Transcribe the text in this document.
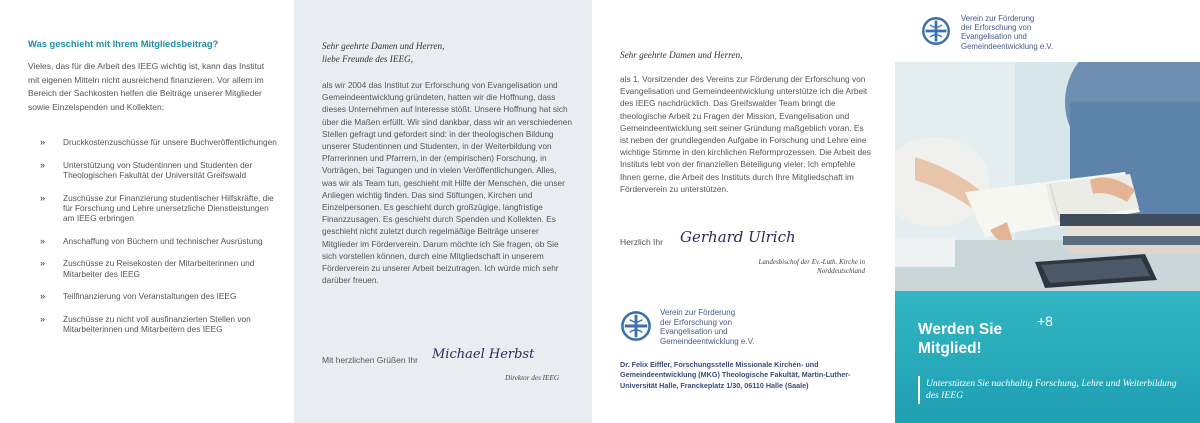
Was geschieht mit Ihrem Mitgliedsbeitrag?
Vieles, das für die Arbeit des IEEG wichtig ist, kann das Institut mit eigenen Mitteln nicht ausreichend finanzieren. Vor allem im Bereich der Sachkosten helfen die Beiträge unserer Mitglieder sowie Einzelspenden und Kollekten:
» Druckkostenzuschüsse für unsere Buchveröffentlichungen
» Unterstützung von Studentinnen und Studenten der Theologischen Fakultät der Universität Greifswald
» Zuschüsse zur Finanzierung studentischer Hilfskräfte, die für Forschung und Lehre unersetzliche Dienstleistungen am IEEG erbringen
» Anschaffung von Büchern und technischer Ausrüstung
» Zuschüsse zu Reisekosten der Mitarbeiterinnen und Mitarbeiter des IEEG
» Teilfinanzierung von Veranstaltungen des IEEG
» Zuschüsse zu nicht voll ausfinanzierten Stellen von Mitarbeiterinnen und Mitarbeitern des IEEG
Sehr geehrte Damen und Herren,
liebe Freunde des IEEG,
als wir 2004 das Institut zur Erforschung von Evangelisation und Gemeindeentwicklung gründeten, hatten wir die Hoffnung, dass dieses Unternehmen auf Interesse stößt. Unsere Hoffnung hat sich über die Maßen erfüllt. Wir sind dankbar, dass wir an verschiedenen Stellen gefragt und gefordert sind: in der theologischen Bildung unserer Studentinnen und Studenten, in der Weiterbildung von Pfarrerinnen und Pfarrern, in der (empirischen) Forschung, in Vorträgen, bei Tagungen und in vielen Veröffentlichungen. Alles, was wir als Team tun, geschieht mit Hilfe der Menschen, die unser Anliegen wichtig finden. Das sind Stiftungen, Kirchen und Einzelpersonen. Es geschieht durch großzügige, langfristige Finanzzusagen. Es geschieht durch Spenden und Kollekten. Es geschieht nicht zuletzt durch regelmäßige Beiträge unserer Mitglieder im Förderverein. Darum möchte ich Sie fragen, ob Sie sich vorstellen können, durch eine Mitgliedschaft in unserem Förderverein zu unserer Arbeit beizutragen. Ich würde mich sehr darüber freuen.
Mit herzlichen Grüßen Ihr Michael Herbst
Direktor des IEEG
Sehr geehrte Damen und Herren,
als 1. Vorsitzender des Vereins zur Förderung der Erforschung von Evangelisation und Gemeindeentwicklung unterstütze ich die Arbeit des IEEG nachdrücklich. Das Greifswalder Team bringt die theologische Arbeit zu Fragen der Mission, Evangelisation und Gemeindeentwicklung seit seiner Gründung maßgeblich voran. Es ist neben der grundlegenden Aufgabe in Forschung und Lehre eine wichtige Stimme in den kirchlichen Reformprozessen. Die Arbeit des Instituts lebt von der finanziellen Beteiligung vieler. Ich empfehle Ihnen gerne, die Arbeit des Instituts durch Ihre Mitgliedschaft im Förderverein zu unterstützen.
Herzlich Ihr Gerhard Ulrich
Landesbischof der Ev.-Luth. Kirche in
Norddeutschland
Verein zur Förderung
der Erforschung von
Evangelisation und
Gemeindeentwicklung e.V.
Dr. Felix Eiffler, Forschungsstelle Missionale Kirchen- und
Gemeindeentwicklung (MKG) Theologische Fakultät, Martin-Luther-
Universität Halle, Franckeplatz 1/30, 06110 Halle (Saale)
Verein zur Förderung
der Erforschung von
Evangelisation und
Gemeindeentwicklung e.V.
Werden Sie
Mitglied!
+8
Unterstützen Sie nachhaltig Forschung, Lehre und Weiterbildung des IEEG
